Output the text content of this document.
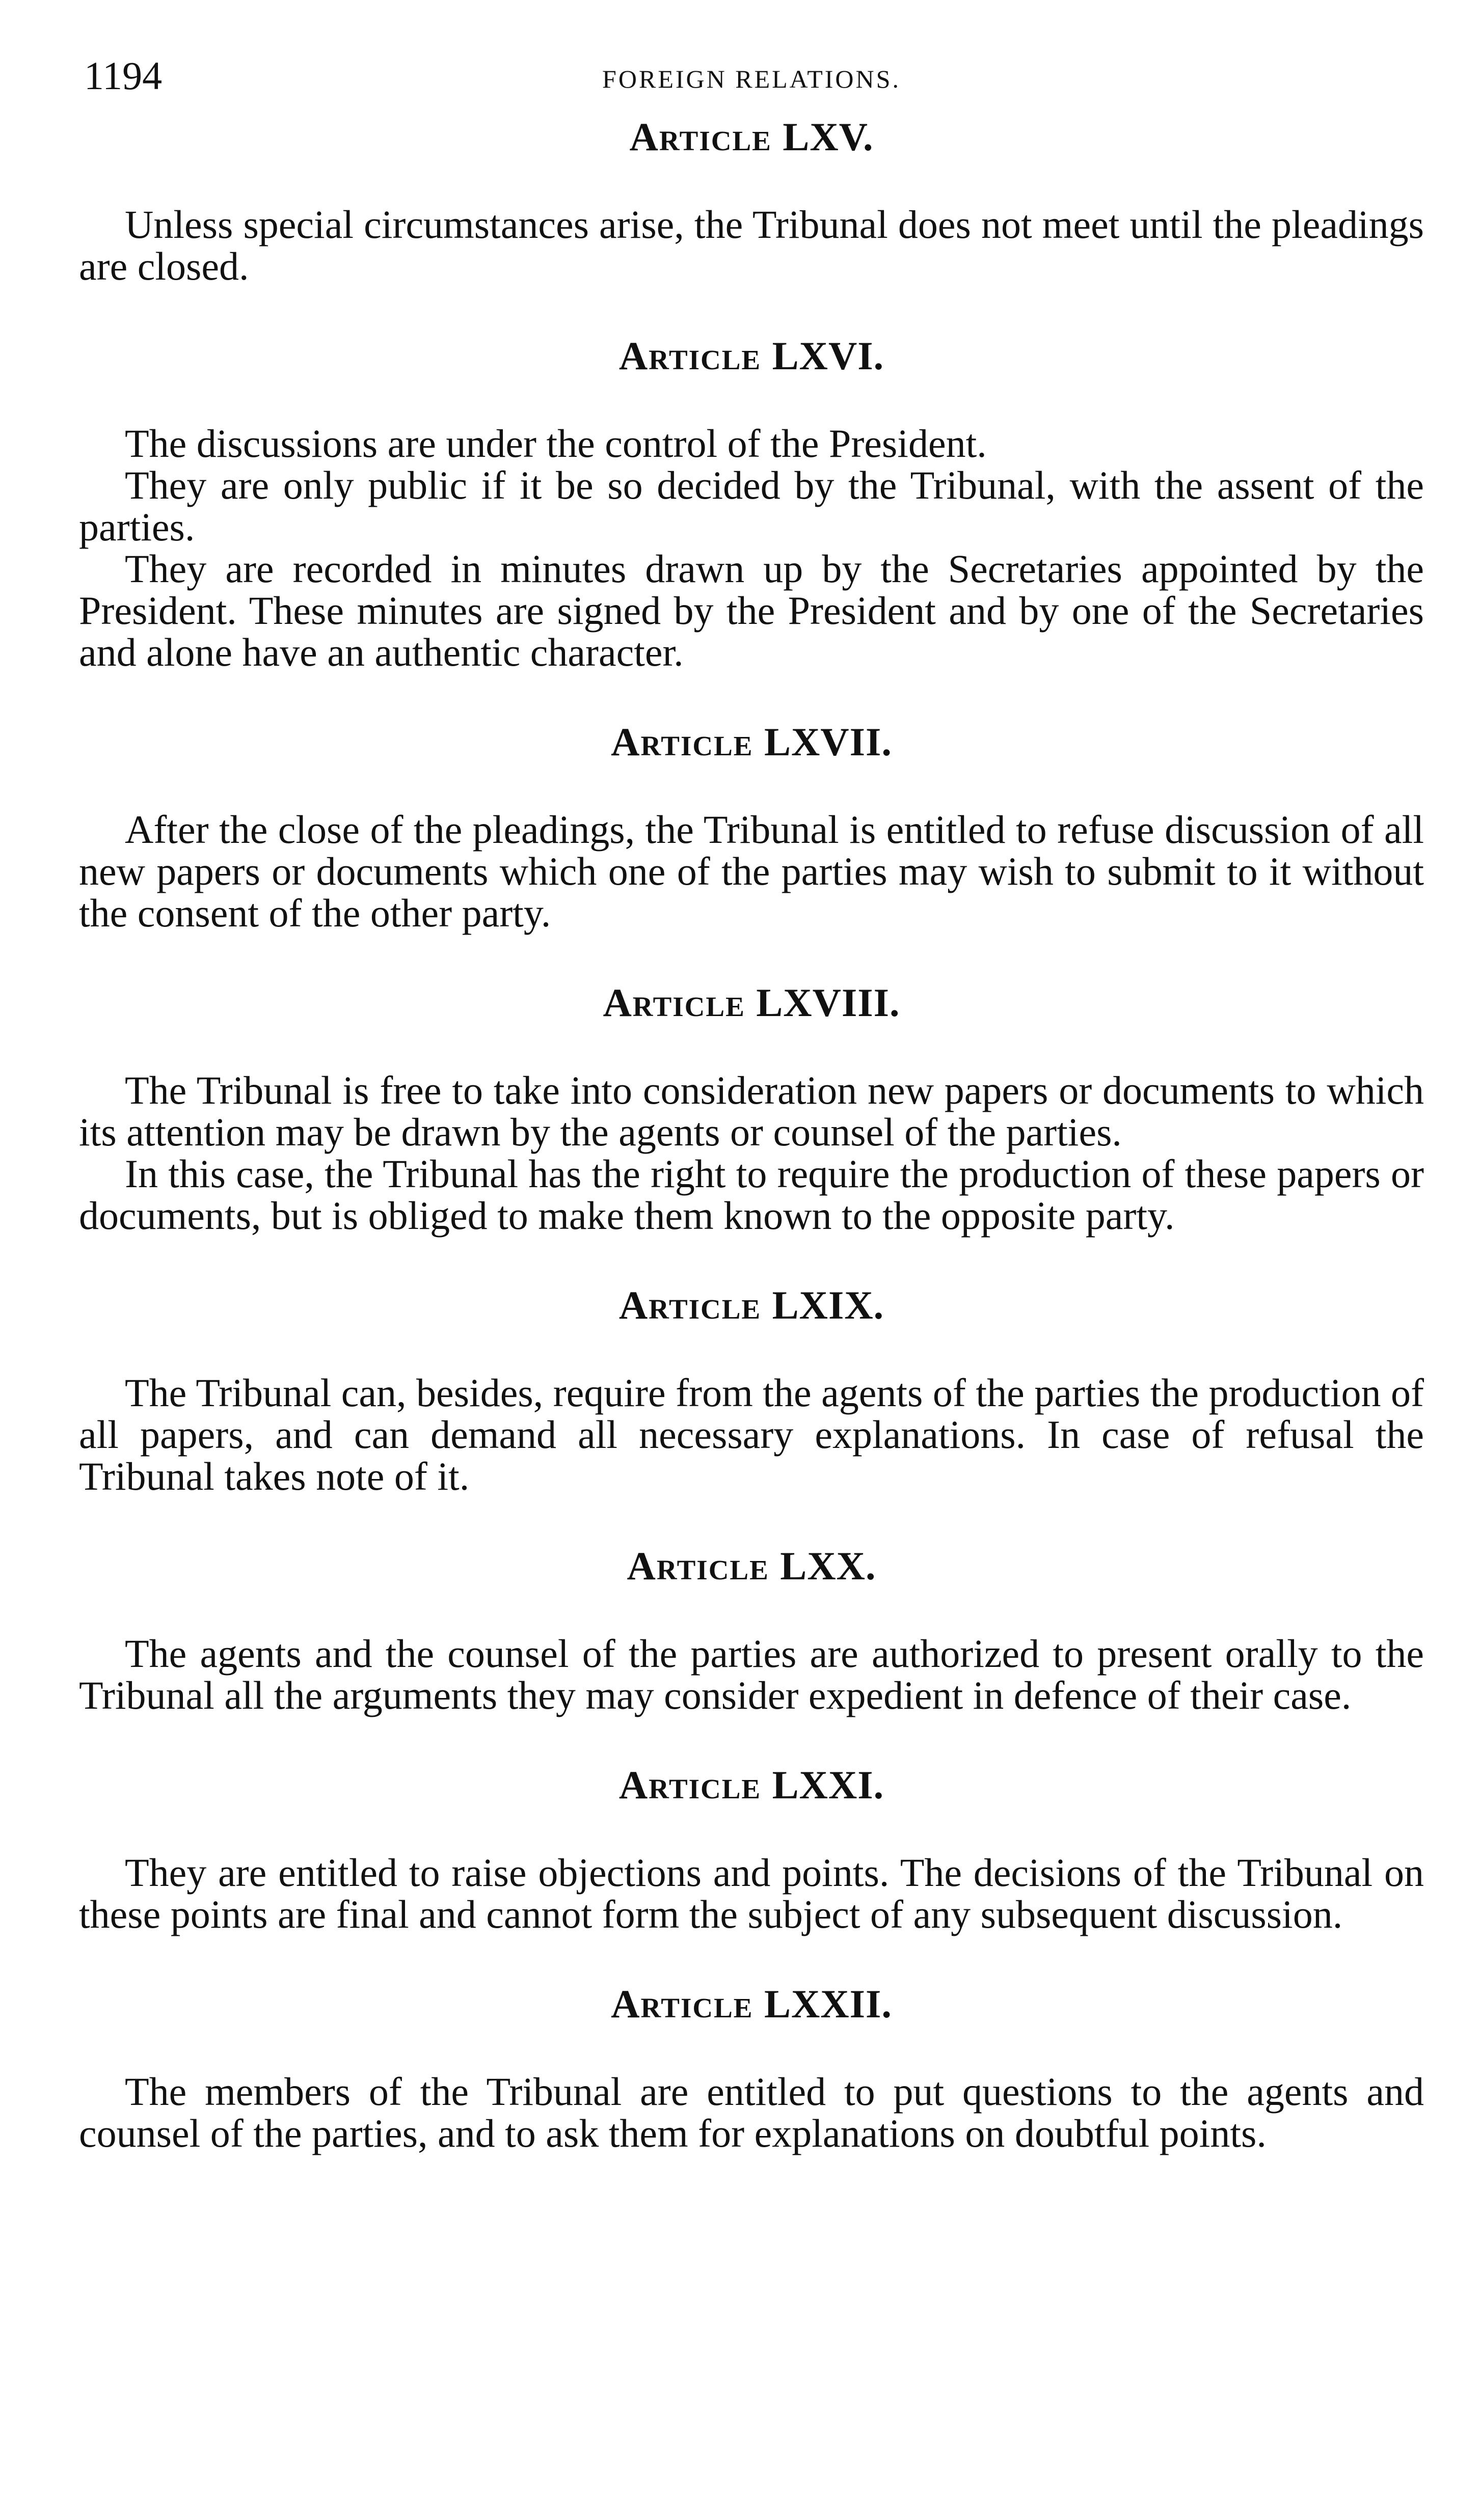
1194	FOREIGN RELATIONS.
Article LXV.

Unless special circumstances arise, the Tribunal does not meet until the pleadings are closed.

Article LXVI.

The discussions are under the control of the President.

They are only public if it be so decided by the Tribunal, with the assent of the parties.

They are recorded in minutes drawn up by the Secretaries appointed by the President. These minutes are signed by the President and by one of the Secretaries and alone have an authentic character.

Article LXVII.

After the close of the pleadings, the Tribunal is entitled to refuse discussion of all new papers or documents which one of the parties may wish to submit to it without the consent of the other party.

Article LXVIII.

The Tribunal is free to take into consideration new papers or documents to which its attention may be drawn by the agents or counsel of the parties.

In this case, the Tribunal has the right to require the production of these papers or documents, but is obliged to make them known to the opposite party.

Article LXIX.

The Tribunal can, besides, require from the agents of the parties the production of all papers, and can demand all necessary explanations. In case of refusal the Tribunal takes note of it.

Article LXX.

The agents and the counsel of the parties are authorized to present orally to the Tribunal all the arguments they may consider expedient in defence of their case.

Article LXXI.

They are entitled to raise objections and points. The decisions of the Tribunal on these points are final and cannot form the subject of any subsequent discussion.

Article LXXII.

The members of the Tribunal are entitled to put questions to the agents and counsel of the parties, and to ask them for explanations on doubtful points.
